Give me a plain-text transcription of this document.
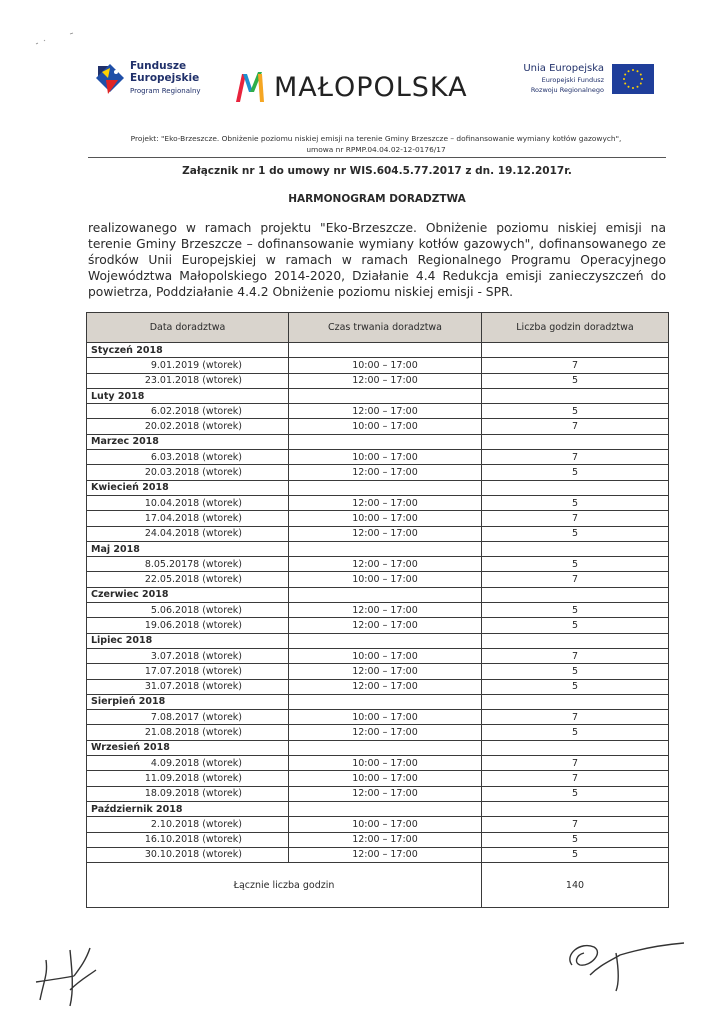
Fundusze
Europejskie
Program Regionalny	MAŁOPOLSKA
Unia Europejska
Europejski Fundusz
Rozwoju Regionalnego
Projekt: "Eko-Brzeszcze. Obniżenie poziomu niskiej emisji na terenie Gminy Brzeszcze – dofinansowanie wymiany kotłów gazowych",
umowa nr RPMP.04.04.02-12-0176/17
Załącznik nr 1 do umowy nr WIS.604.5.77.2017 z dn. 19.12.2017r.
HARMONOGRAM DORADZTWA
realizowanego w ramach projektu "Eko-Brzeszcze. Obniżenie poziomu niskiej emisji na terenie Gminy Brzeszcze – dofinansowanie wymiany kotłów gazowych", dofinansowanego ze środków Unii Europejskiej w ramach w ramach Regionalnego Programu Operacyjnego Województwa Małopolskiego 2014-2020, Działanie 4.4 Redukcja emisji zanieczyszczeń do powietrza, Poddziałanie 4.4.2 Obniżenie poziomu niskiej emisji - SPR.
Data doradztwa	Czas trwania doradztwa	Liczba godzin doradztwa
Styczeń 2018		
9.01.2019 (wtorek)	10:00 – 17:00	7
23.01.2018 (wtorek)	12:00 – 17:00	5
Luty 2018		
6.02.2018 (wtorek)	12:00 – 17:00	5
20.02.2018 (wtorek)	10:00 – 17:00	7
Marzec 2018		
6.03.2018 (wtorek)	10:00 – 17:00	7
20.03.2018 (wtorek)	12:00 – 17:00	5
Kwiecień 2018		
10.04.2018 (wtorek)	12:00 – 17:00	5
17.04.2018 (wtorek)	10:00 – 17:00	7
24.04.2018 (wtorek)	12:00 – 17:00	5
Maj 2018		
8.05.20178 (wtorek)	12:00 – 17:00	5
22.05.2018 (wtorek)	10:00 – 17:00	7
Czerwiec 2018		
5.06.2018 (wtorek)	12:00 – 17:00	5
19.06.2018 (wtorek)	12:00 – 17:00	5
Lipiec 2018		
3.07.2018 (wtorek)	10:00 – 17:00	7
17.07.2018 (wtorek)	12:00 – 17:00	5
31.07.2018 (wtorek)	12:00 – 17:00	5
Sierpień 2018		
7.08.2017 (wtorek)	10:00 – 17:00	7
21.08.2018 (wtorek)	12:00 – 17:00	5
Wrzesień 2018		
4.09.2018 (wtorek)	10:00 – 17:00	7
11.09.2018 (wtorek)	10:00 – 17:00	7
18.09.2018 (wtorek)	12:00 – 17:00	5
Październik 2018		
2.10.2018 (wtorek)	10:00 – 17:00	7
16.10.2018 (wtorek)	12:00 – 17:00	5
30.10.2018 (wtorek)	12:00 – 17:00	5
Łącznie liczba godzin		140
